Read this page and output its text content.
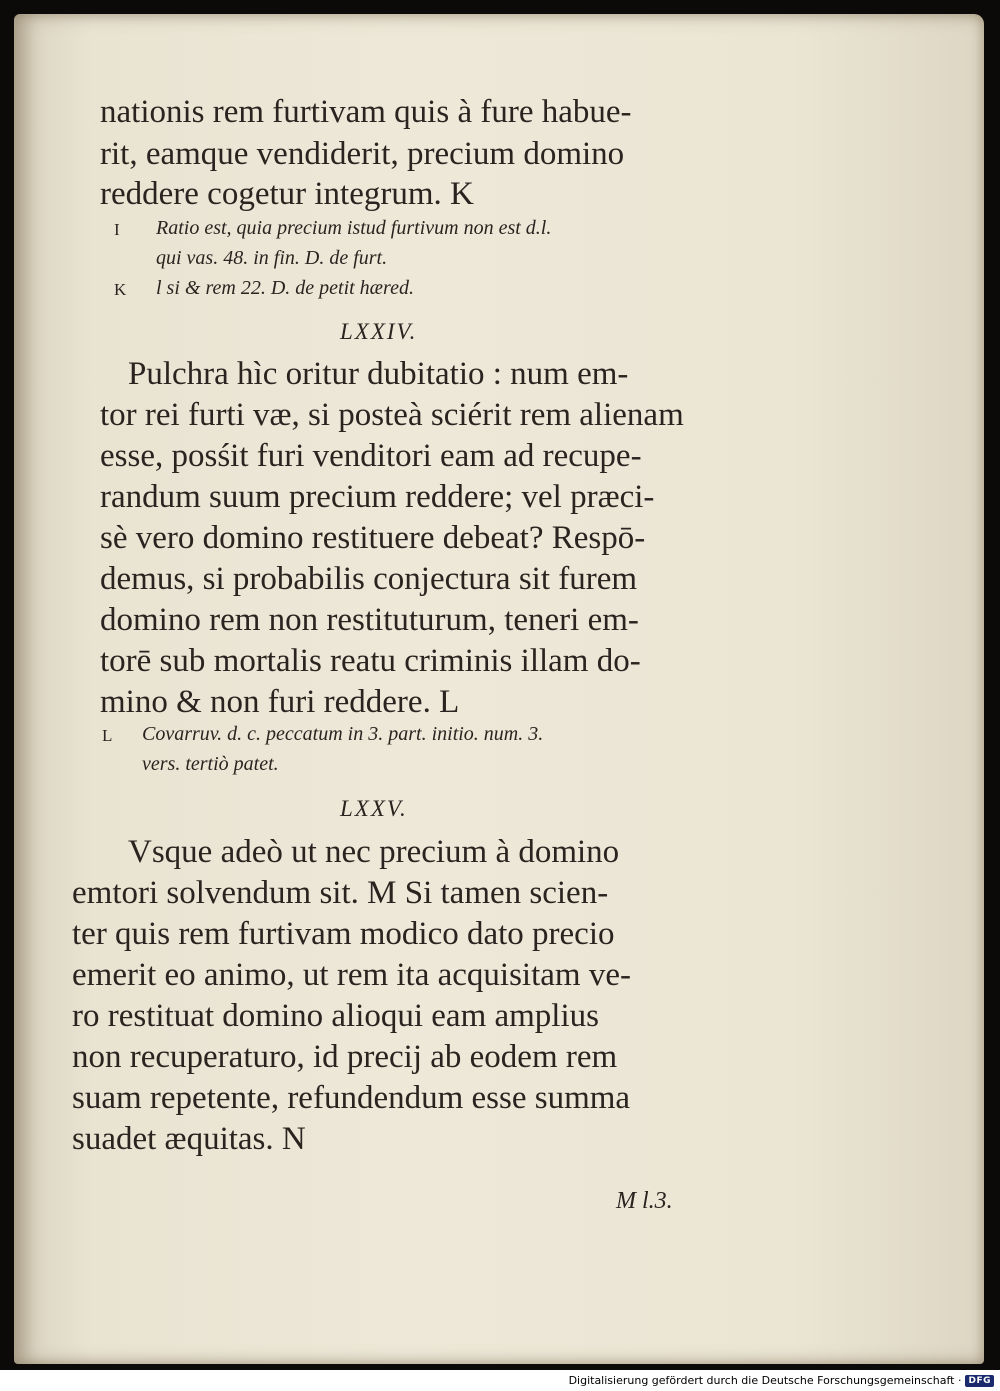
nationis rem furtivam quis à fure habue-
rit, eamque vendiderit, precium domino
reddere cogetur integrum. K
I Ratio est, quia precium istud furtivum non est d.l.
qui vas. 48. in fin. D. de furt.
K l si & rem 22. D. de petit hæred.
LXXIV.
Pulchra hìc oritur dubitatio : num em-
tor rei furti væ, si posteà sciérit rem alienam
esse, posśit furi venditori eam ad recupe-
randum suum precium reddere; vel præci-
sè vero domino restituere debeat? Respō-
demus, si probabilis conjectura sit furem
domino rem non restituturum, teneri em-
torē sub mortalis reatu criminis illam do-
mino & non furi reddere. L
L Covarruv. d. c. peccatum in 3. part. initio. num. 3.
vers. tertiò patet.
LXXV.
Vsque adeò ut nec precium à domino
emtori solvendum sit. M Si tamen scien-
ter quis rem furtivam modico dato precio
emerit eo animo, ut rem ita acquisitam ve-
ro restituat domino alioqui eam amplius
non recuperaturo, id precij ab eodem rem
suam repetente, refundendum esse summa
suadet æquitas. N
M l.3.
Digitalisierung gefördert durch die Deutsche Forschungsgemeinschaft · DFG
